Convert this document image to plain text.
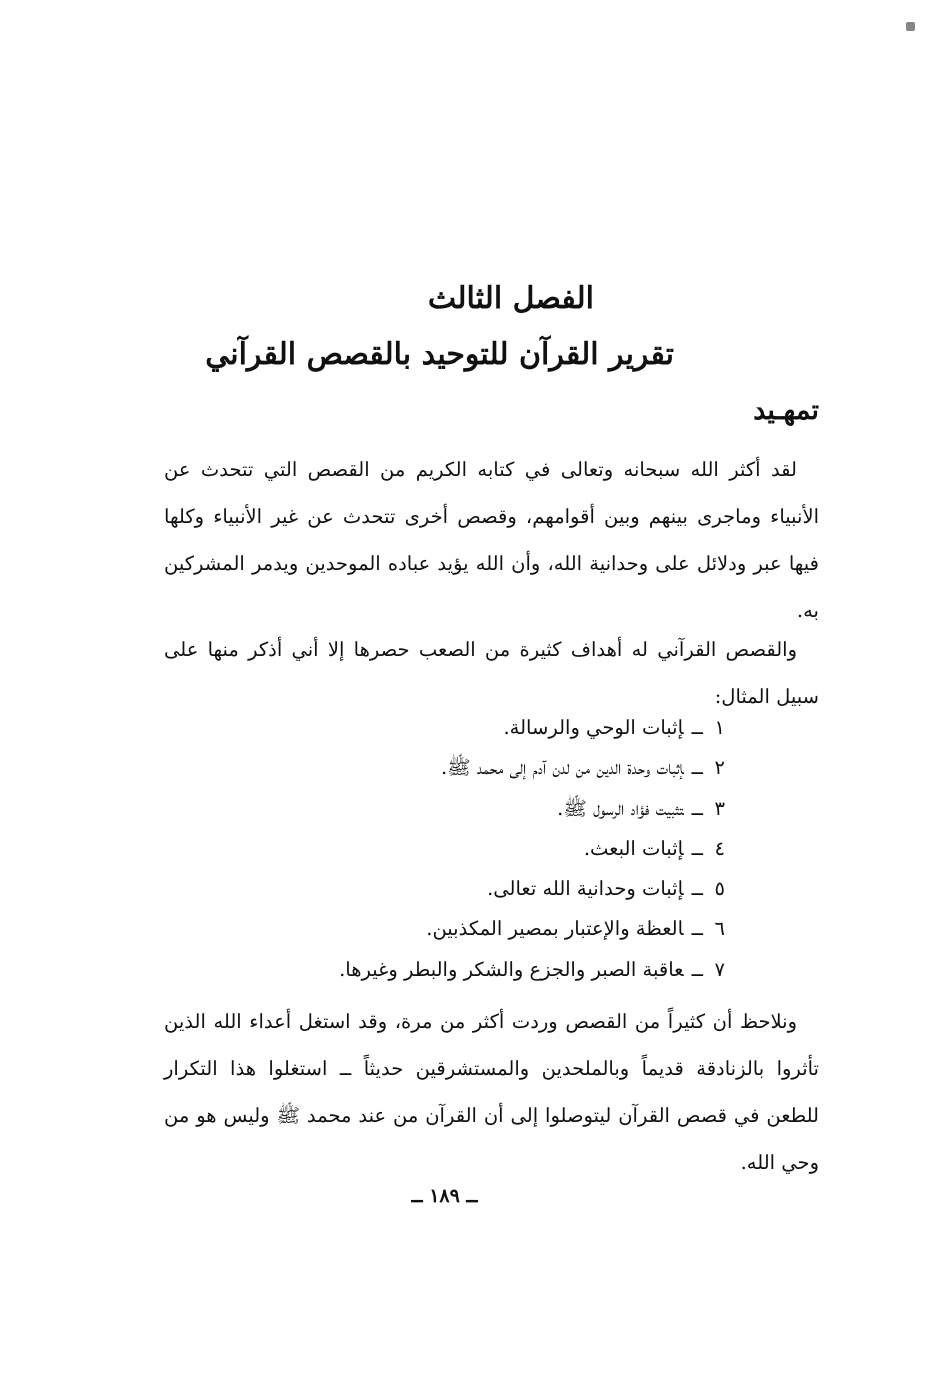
الفصل الثالث
تقرير القرآن للتوحيد بالقصص القرآني
تمهـيد

لقد أكثر الله سبحانه وتعالى في كتابه الكريم من القصص التي تتحدث عن الأنبياء وماجرى بينهم وبين أقوامهم، وقصص أخرى تتحدث عن غير الأنبياء وكلها فيها عبر ودلائل على وحدانية الله، وأن الله يؤيد عباده الموحدين ويدمر المشركين به.

والقصص القرآني له أهداف كثيرة من الصعب حصرها إلا أني أذكر منها على سبيل المثال:

١ــإثبات الوحي والرسالة.
٢ــإثبات وحدة الدين من لدن آدم إلى محمد ﷺ.
٣ــتثبيت فؤاد الرسول ﷺ.
٤ــإثبات البعث.
٥ــإثبات وحدانية الله تعالى.
٦ــالعظة والإعتبار بمصير المكذبين.
٧ــعاقبة الصبر والجزع والشكر والبطر وغيرها.

ونلاحظ أن كثيراً من القصص وردت أكثر من مرة، وقد استغل أعداء الله الذين تأثروا بالزنادقة قديماً وبالملحدين والمستشرقين حديثاً ــ استغلوا هذا التكرار للطعن في قصص القرآن ليتوصلوا إلى أن القرآن من عند محمد ﷺ وليس هو من وحي الله.

ــ ١٨٩ ــ
